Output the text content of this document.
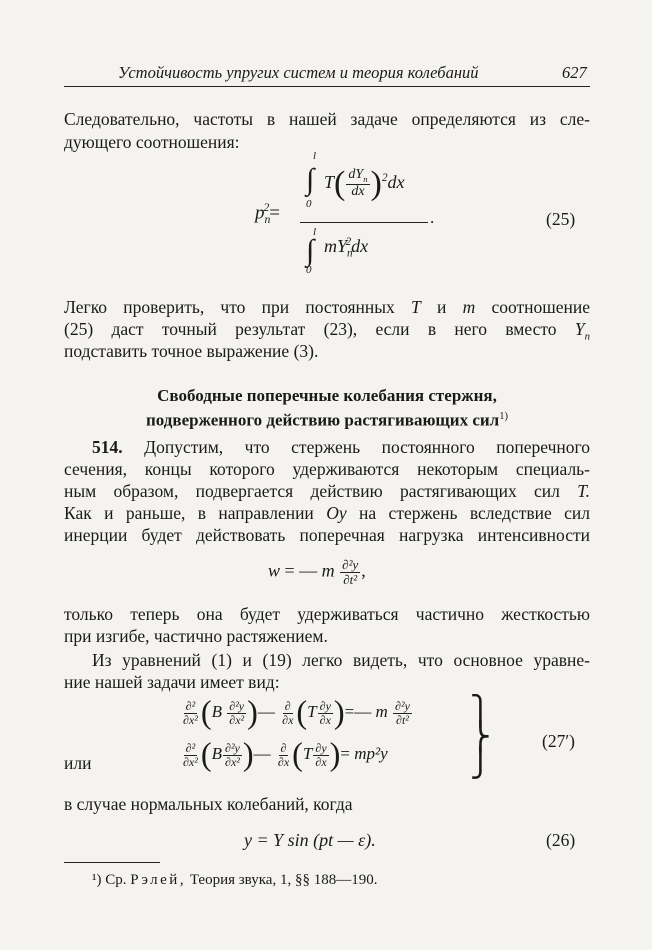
Устойчивость упругих систем и теория колебаний	627
Следовательно, частоты в нашей задаче определяются из сле-
дующего соотношения:
$p_n^2=$
l
∫
0
$T( \frac{dY_n}{dx} )^2dx$
l
∫
0
$mY_n^2dx$
.	(25)
Легко проверить, что при постоянных T и m соотношение
(25) даст точный результат (23), если в него вместо $Y_n$
подставить точное выражение (3).
Свободные поперечные колебания стержня,
подверженного действию растягивающих сил$^{1)}$
514. Допустим, что стержень постоянного поперечного
сечения, концы которого удерживаются некоторым специаль-
ным образом, подвергается действию растягивающих сил T.
Как и раньше, в направлении Oy на стержень вследствие сил
инерции будет действовать поперечная нагрузка интенсивности
w = — m $\frac{\text{∂²y}}{\text{∂t²}}$ ,
только теперь она будет удерживаться частично жесткостью
при изгибе, частично растяжением.
Из уравнений (1) и (19) легко видеть, что основное уравне-
ние нашей задачи имеет вид:
$\frac{\text{∂²}}{\text{∂x²}} (B \frac{\text{∂²y}}{\text{∂x²}}$ )— $\frac{\partial}{\partial x} (T \frac{\partial y}{\partial x}$ )=— m $\frac{\text{∂²y}}{\text{∂t²}}$
или	$\frac{\text{∂²}}{\text{∂x²}} (B \frac{\text{∂²y}}{\text{∂x²}}$ )— $\frac{\partial}{\partial x} (T \frac{\partial y}{\partial x}$ )= mp²y
⎫
⎬
⎭
(27′)
в случае нормальных колебаний, когда
y = Y sin (pt — ε).	(26)
¹) Ср. Рэлей, Теория звука, 1, §§ 188—190.
